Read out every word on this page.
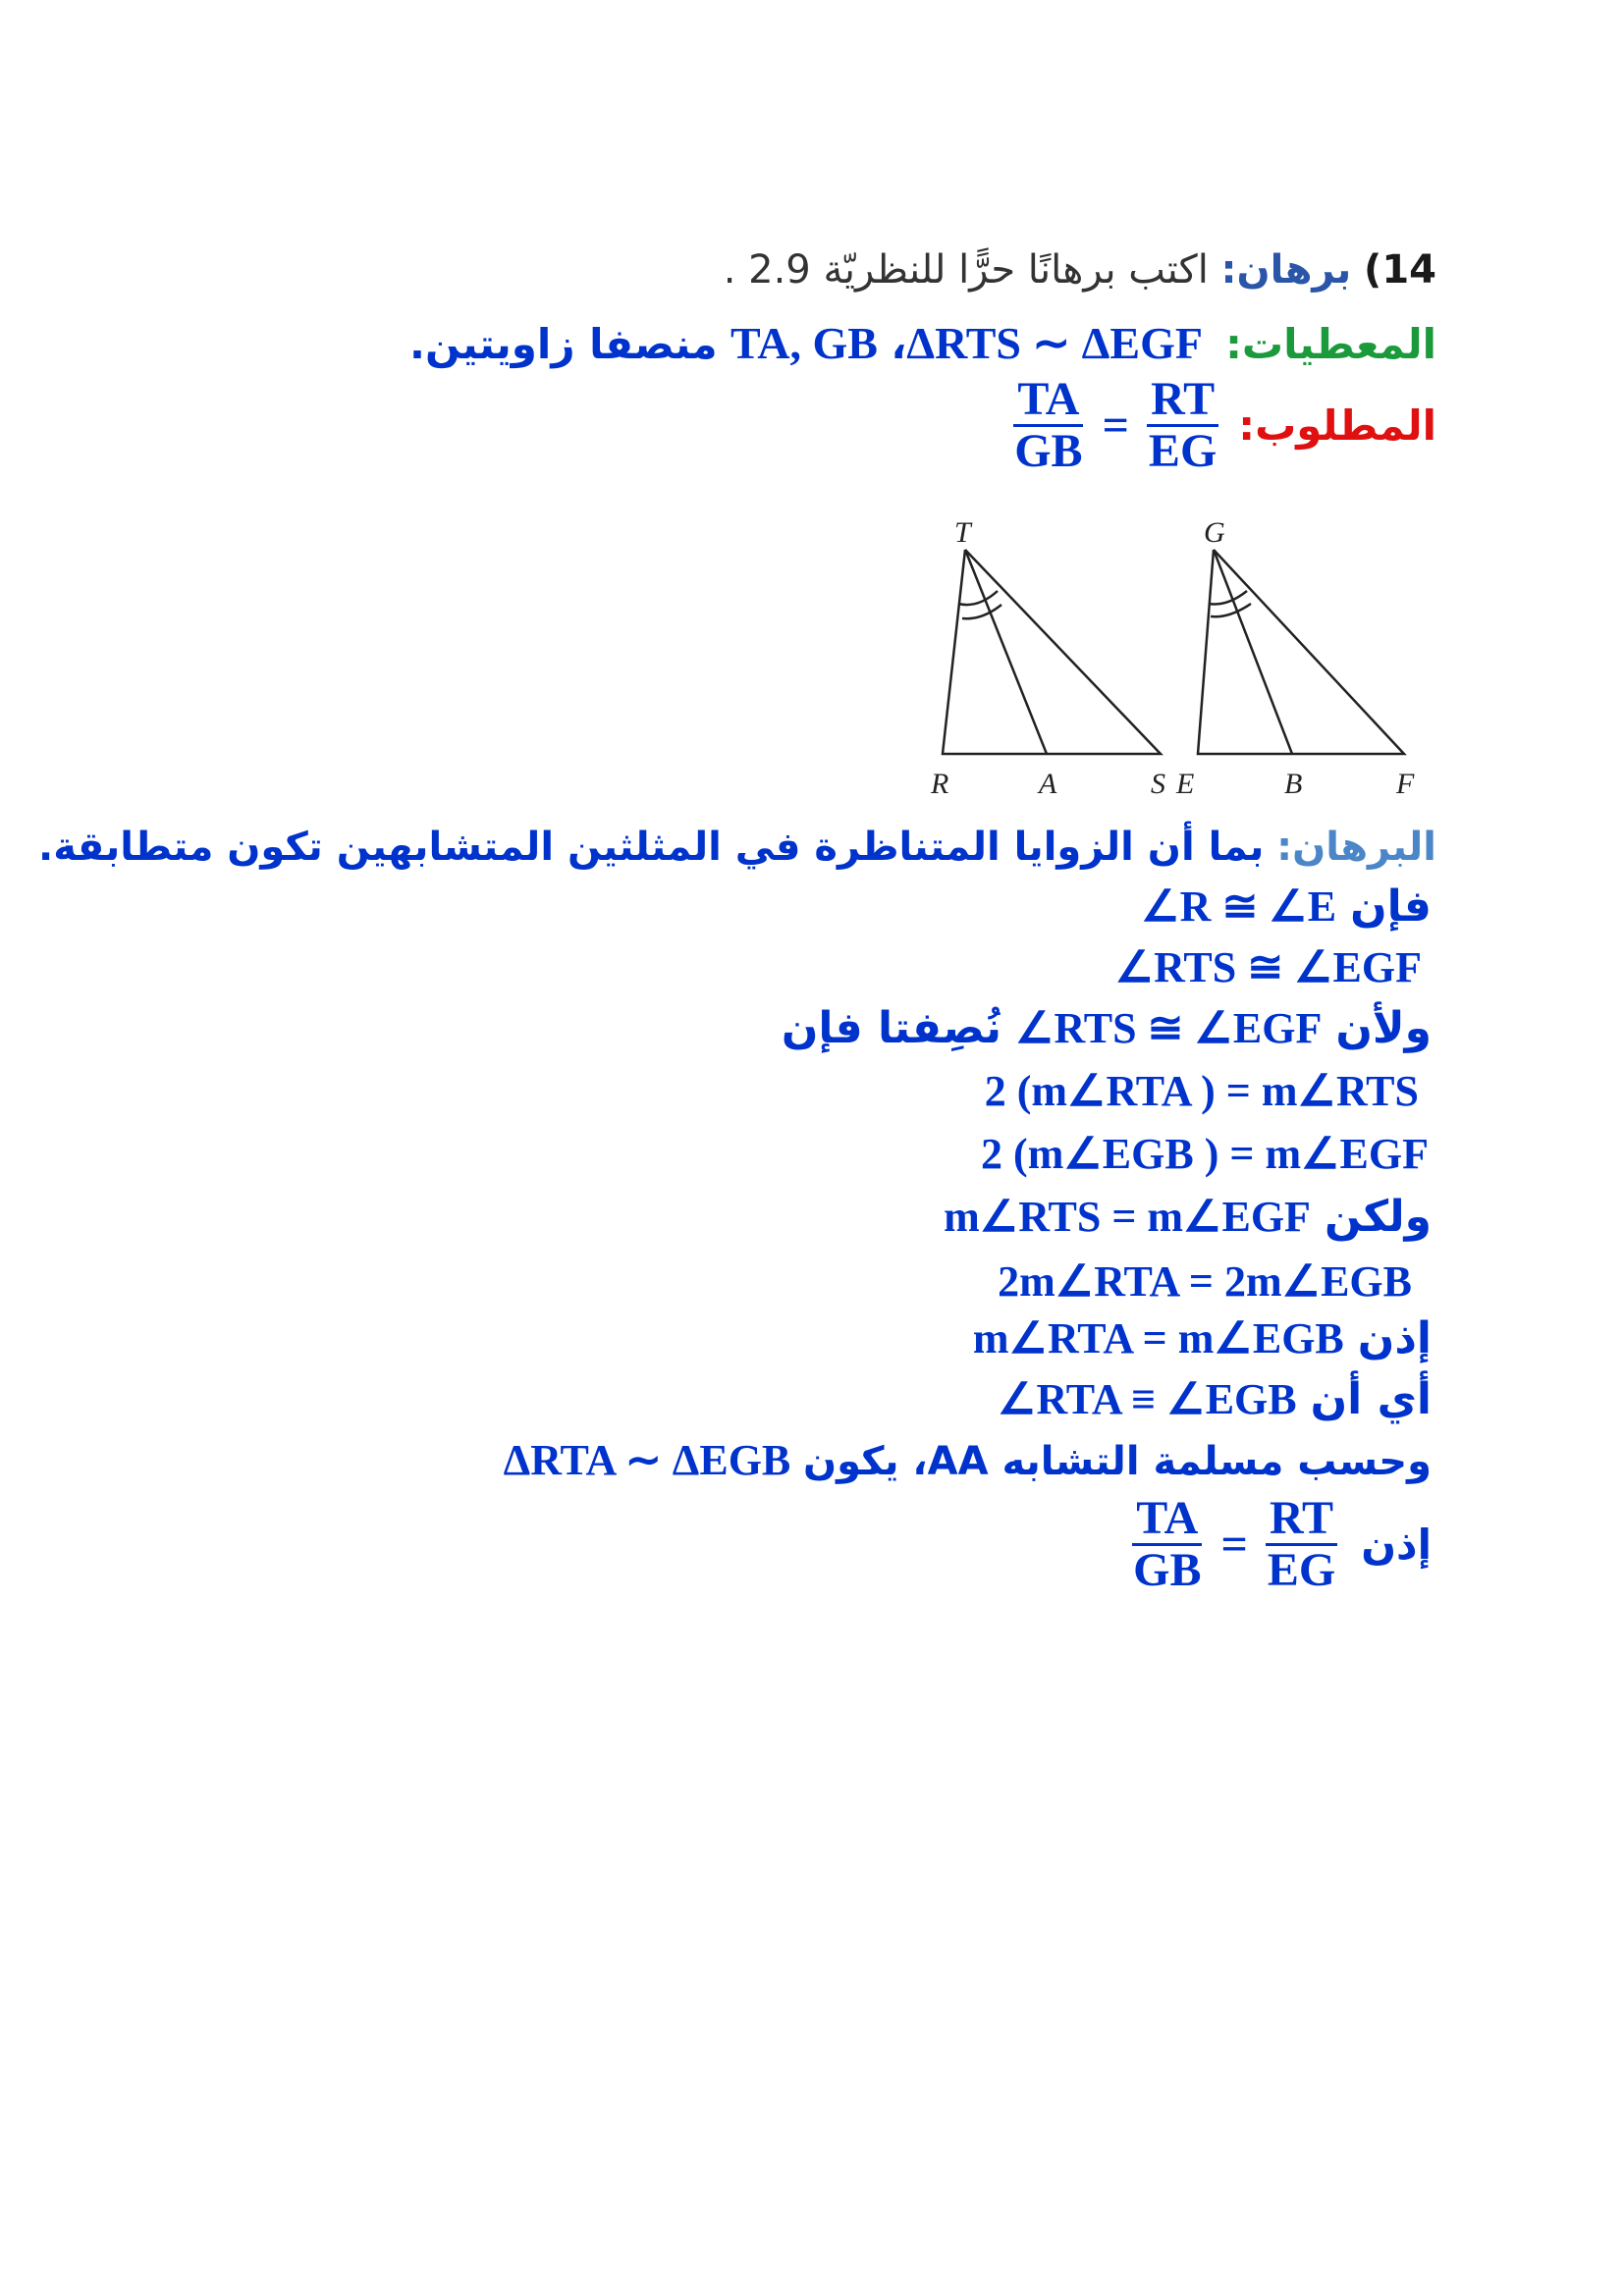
14) برهان: اكتب برهانًا حرًّا للنظريّة 2.9 .
المعطيات: ΔRTS ∼ ΔEGF ، TA, GB منصفا زاويتين.
المطلوب:
$\frac{TA}{GB} = \frac{RT}{EG}$
T
R	A	S
G
E	B	F
البرهان: بما أن الزوايا المتناظرة في المثلثين المتشابهين تكون متطابقة.
فإن ∠R ≅ ∠E
∠RTS ≅ ∠EGF
ولأن ∠RTS ≅ ∠EGF نُصِفتا فإن
2 (m∠RTA ) = m∠RTS
2 (m∠EGB ) = m∠EGF
ولكن m∠RTS = m∠EGF
2m∠RTA = 2m∠EGB
إذن m∠RTA = m∠EGB
أي أن ∠RTA ≡ ∠EGB
وحسب مسلمة التشابه AA، يكون ΔRTA ∼ ΔEGB
إذن
$\frac{TA}{GB} = \frac{RT}{EG}$
